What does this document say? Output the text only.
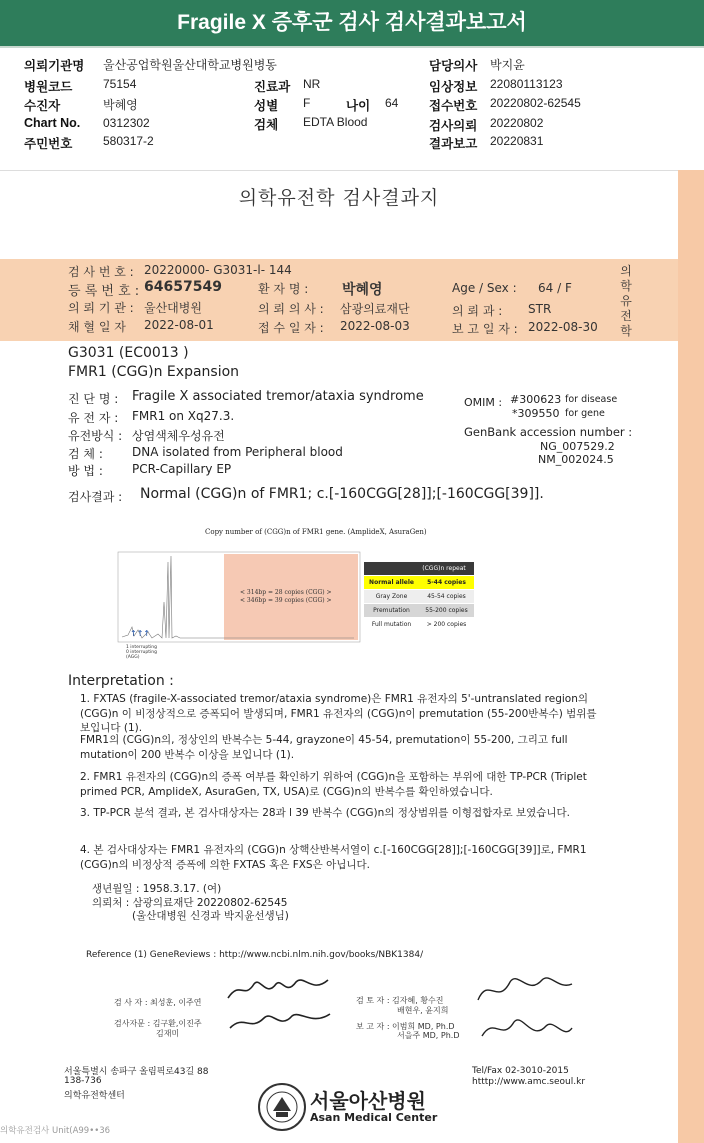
Fragile X 증후군 검사 검사결과보고서
의뢰기관명 울산공업학원울산대학교병원병동
병원코드	75154
수진자	박혜영
Chart No. 0312302
주민번호	580317-2
진료과 NR
성별 F	나이 64
검체 EDTA Blood
담당의사 박지윤
임상정보 22080113123
접수번호 20220802-62545
검사의뢰 20220802
결과보고 20220831
의학유전학 검사결과지
검 사 번 호 : 20220000- G3031-l- 144
등 록 번 호 : 64657549	환 자 명 : 박혜영	Age / Sex : 64 / F
의 뢰 기 관 : 울산대병원	의 뢰 의 사 : 삼광의료재단	의 뢰 과 : STR
채 혈 일 자 2022-08-01	접 수 일 자 : 2022-08-03	보 고 일 자 : 2022-08-30
의학유전학
G3031 (EC0013 )
FMR1 (CGG)n Expansion
진 단 명 : Fragile X associated tremor/ataxia syndrome
유 전 자 : FMR1 on Xq27.3.
유전방식 : 상염색체우성유전
검 체 : DNA isolated from Peripheral blood
방 법 : PCR-Capillary EP
OMIM : #300623 for disease
*309550 for gene
GenBank accession number :
NG_007529.2
NM_002024.5
검사결과 : Normal (CGG)n of FMR1; c.[-160CGG[28]];[-160CGG[39]].
Copy number of (CGG)n of FMR1 gene. (AmplideX, AsuraGen)
< 314bp = 28 copies (CGG) >
< 346bp = 39 copies (CGG) >
↑↑↑
1 interrupting
0 interrupting
(AGG)
(CGG)n repeat
Normal allele	5-44 copies
Gray Zone	45-54 copies
Premutation	55-200 copies
Full mutation	> 200 copies
Interpretation :
1. FXTAS (fragile-X-associated tremor/ataxia syndrome)은 FMR1 유전자의 5'-untranslated region의 (CGG)n 이 비정상적으로 증폭되어 발생되며, FMR1 유전자의 (CGG)n이 premutation (55-200반복수) 범위를 보입니다 (1).
FMR1의 (CGG)n의, 정상인의 반복수는 5-44, grayzone이 45-54, premutation이 55-200, 그리고 full mutation이 200 반복수 이상을 보입니다 (1).
2. FMR1 유전자의 (CGG)n의 증폭 여부를 확인하기 위하여 (CGG)n을 포함하는 부위에 대한 TP-PCR (Triplet primed PCR, AmplideX, AsuraGen, TX, USA)로 (CGG)n의 반복수를 확인하였습니다.
3. TP-PCR 분석 결과, 본 검사대상자는 28과 l 39 반복수 (CGG)n의 정상범위를 이형접합자로 보였습니다.
4. 본 검사대상자는 FMR1 유전자의 (CGG)n 상핵산반복서열이 c.[-160CGG[28]];[-160CGG[39]]로, FMR1 (CGG)n의 비정상적 증폭에 의한 FXTAS 혹은 FXS은 아닙니다.
생년월일 : 1958.3.17. (여)
의뢰처 : 삼광의료재단 20220802-62545
(울산대병원 신경과 박지윤선생님)
Reference (1) GeneReviews : http://www.ncbi.nlm.nih.gov/books/NBK1384/
검 사 자 : 최성훈, 이주연
검사자문 : 김구환,이진주
김재미
검 토 자 : 김자혜, 황수진
배현우, 윤지희
보 고 자 : 이범희 MD, Ph.D
서을주 MD, Ph.D
서울특별시 송파구 올림픽로43길 88
138-736
의학유전학센터
Tel/Fax 02-3010-2015
htttp://www.amc.seoul.kr
서울아산병원
Asan Medical Center
의학유전검사 Unit(A99••36
